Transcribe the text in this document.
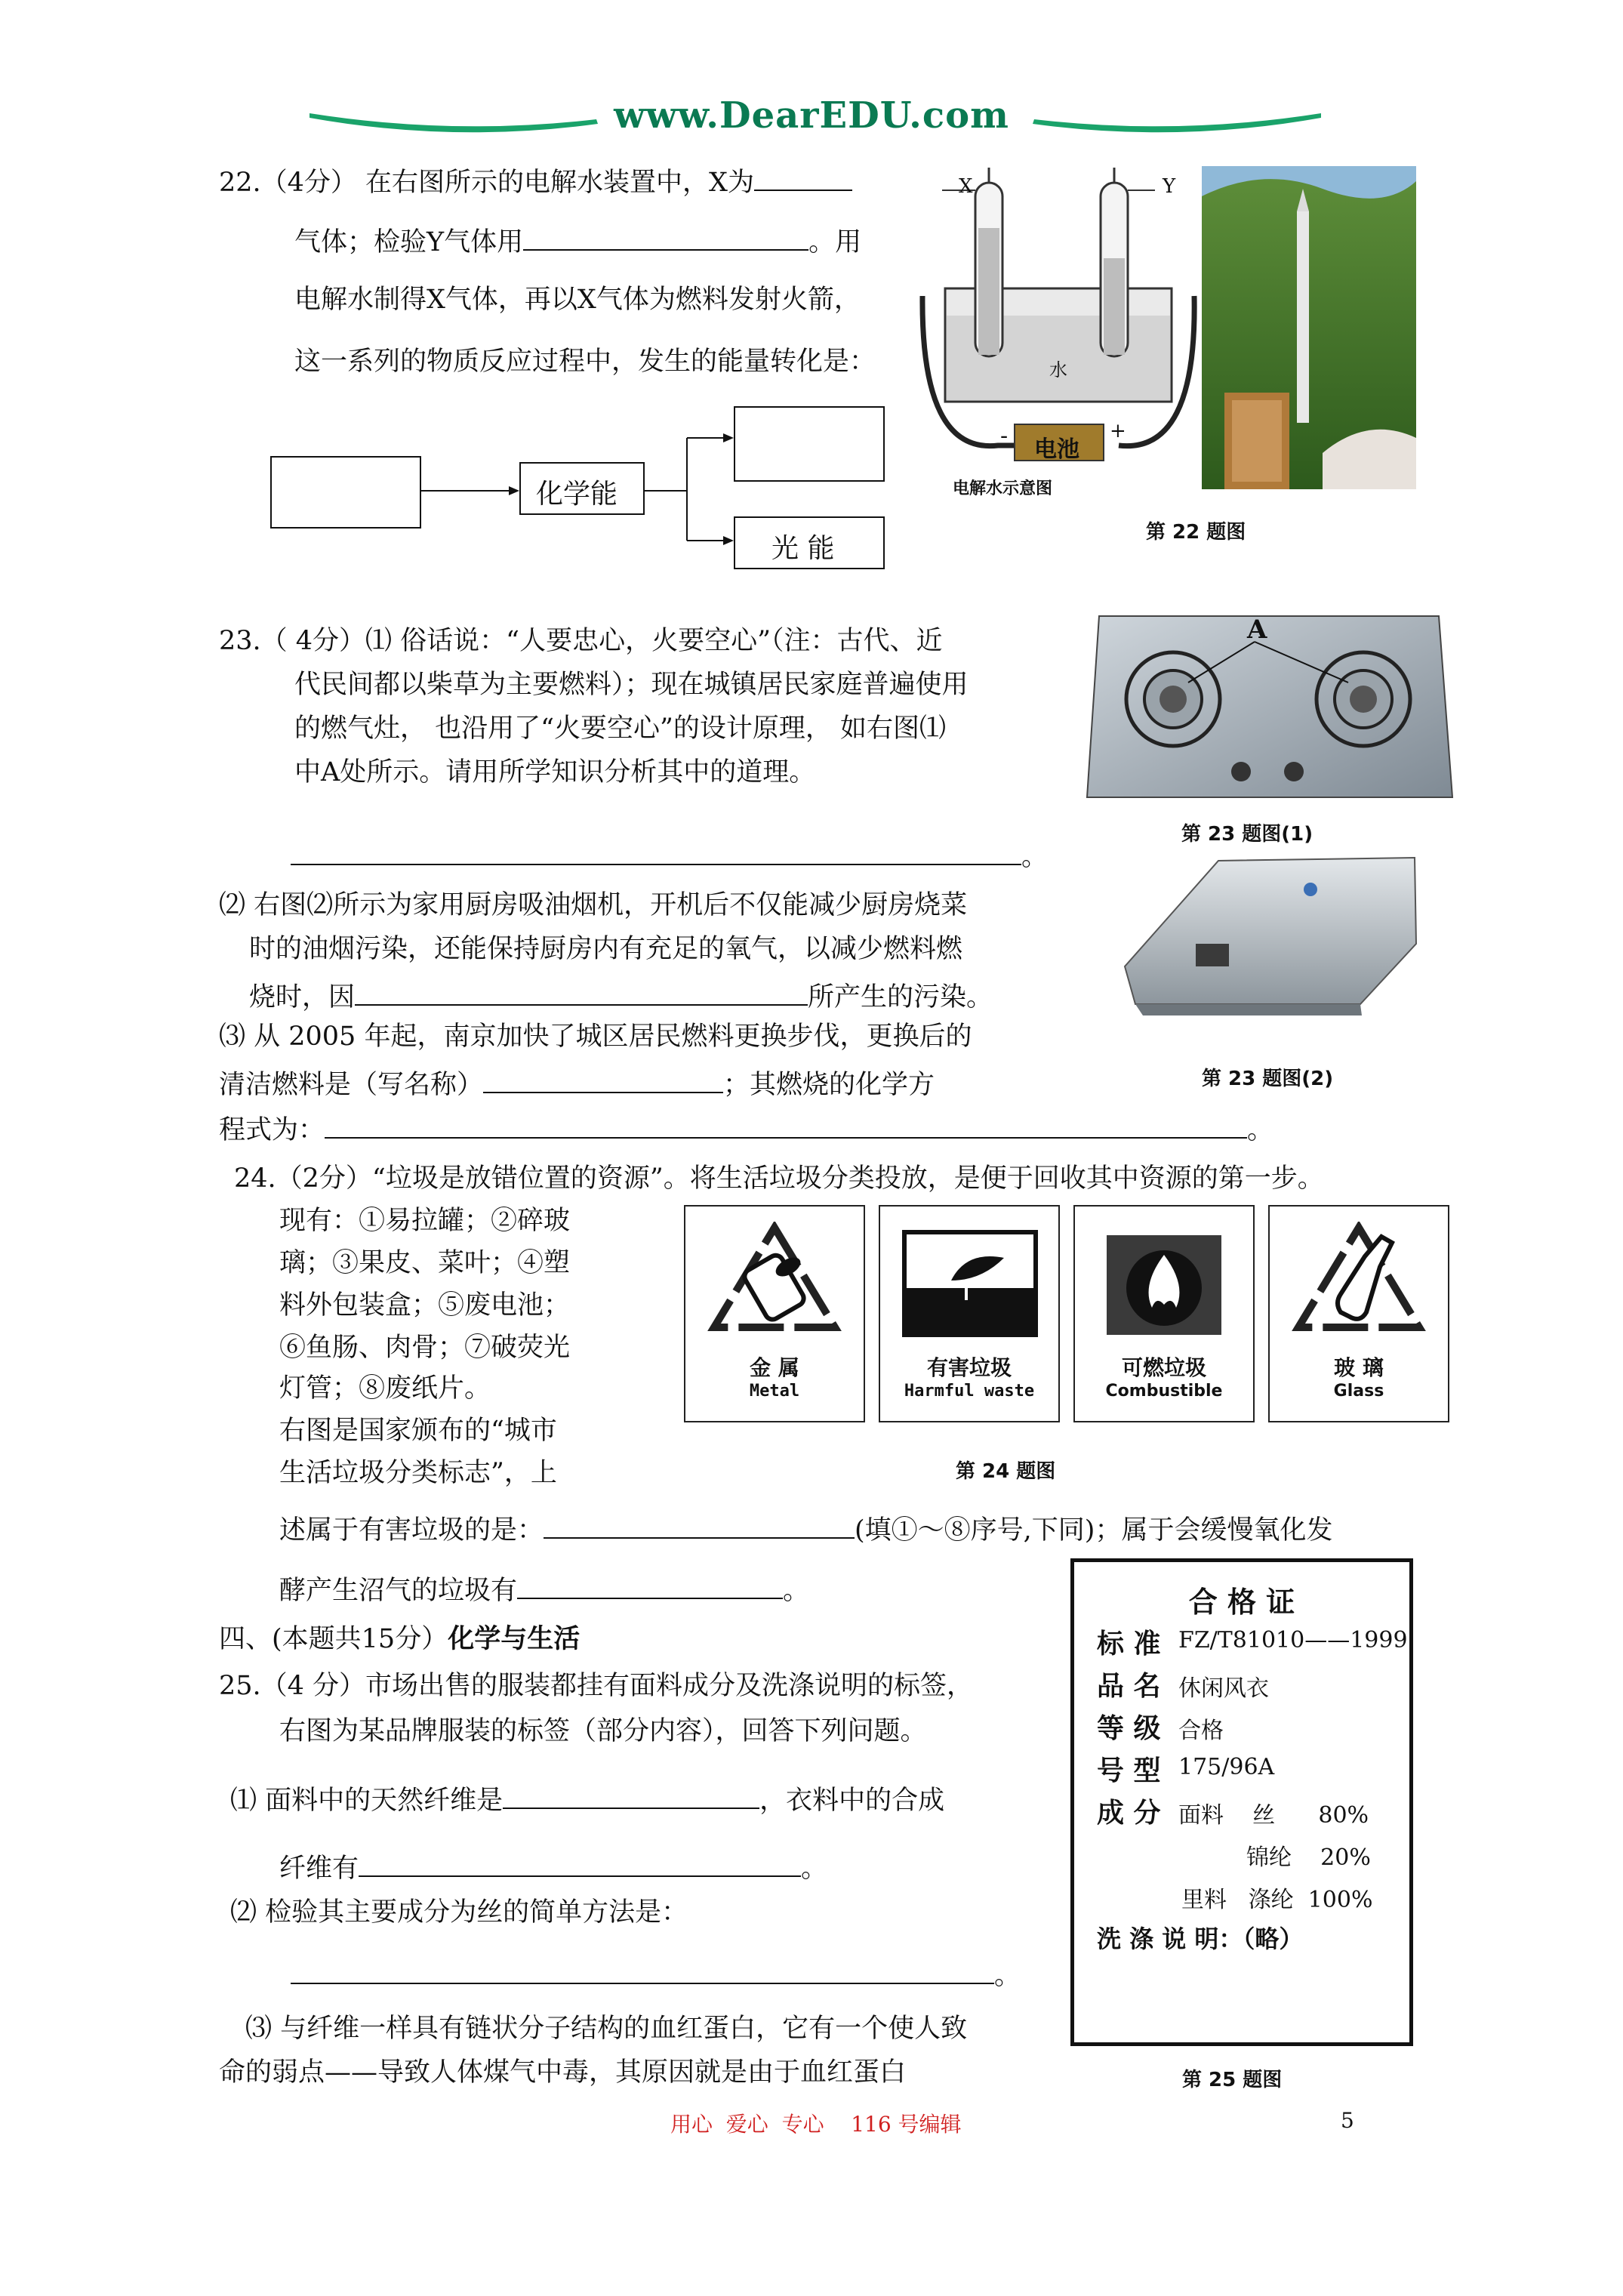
www.DearEDU.com
22.（4分） 在右图所示的电解水装置中，X为
气体；检验Y气体用	。用
电解水制得X气体，再以X气体为燃料发射火箭，
这一系列的物质反应过程中，发生的能量转化是：
化学能
光 能
X	Y
水
电池
-	+
电解水示意图
第 22 题图
23.（ 4分）⑴ 俗话说：“人要忠心，火要空心”（注：古代、近
代民间都以柴草为主要燃料）；现在城镇居民家庭普遍使用
的燃气灶， 也沿用了“火要空心”的设计原理， 如右图⑴
中A处所示。请用所学知识分析其中的道理。
。
⑵ 右图⑵所示为家用厨房吸油烟机，开机后不仅能减少厨房烧菜
时的油烟污染，还能保持厨房内有充足的氧气，以减少燃料燃
烧时，因	所产生的污染。
⑶ 从 2005 年起，南京加快了城区居民燃料更换步伐，更换后的
清洁燃料是（写名称）	；其燃烧的化学方
程式为：	。
A
第 23 题图(1)
第 23 题图(2)
24.（2分）“垃圾是放错位置的资源”。将生活垃圾分类投放，是便于回收其中资源的第一步。
现有：①易拉罐；②碎玻
璃；③果皮、菜叶；④塑
料外包装盒；⑤废电池；
⑥鱼肠、肉骨；⑦破荧光
灯管；⑧废纸片。
右图是国家颁布的“城市
生活垃圾分类标志”，上
述属于有害垃圾的是：	(填①～⑧序号,下同)；属于会缓慢氧化发
酵产生沼气的垃圾有	。
金 属
Metal
有害垃圾
Harmful waste
可燃垃圾
Combustible
玻 璃
Glass
第 24 题图
四、(本题共15分）化学与生活
25.（4 分）市场出售的服装都挂有面料成分及洗涤说明的标签，
右图为某品牌服装的标签（部分内容），回答下列问题。
⑴ 面料中的天然纤维是	，衣料中的合成
纤维有	。
⑵ 检验其主要成分为丝的简单方法是：
。
⑶ 与纤维一样具有链状分子结构的血红蛋白，它有一个使人致
命的弱点——导致人体煤气中毒，其原因就是由于血红蛋白
合 格 证
标 准 FZ/T81010——1999
品 名 休闲风衣
等 级 合格
号 型 175/96A
成 分 面料    丝      80%
锦纶    20%
里料   涤纶  100%
洗 涤 说 明：（略）
第 25 题图
用心  爱心  专心    116 号编辑	5
